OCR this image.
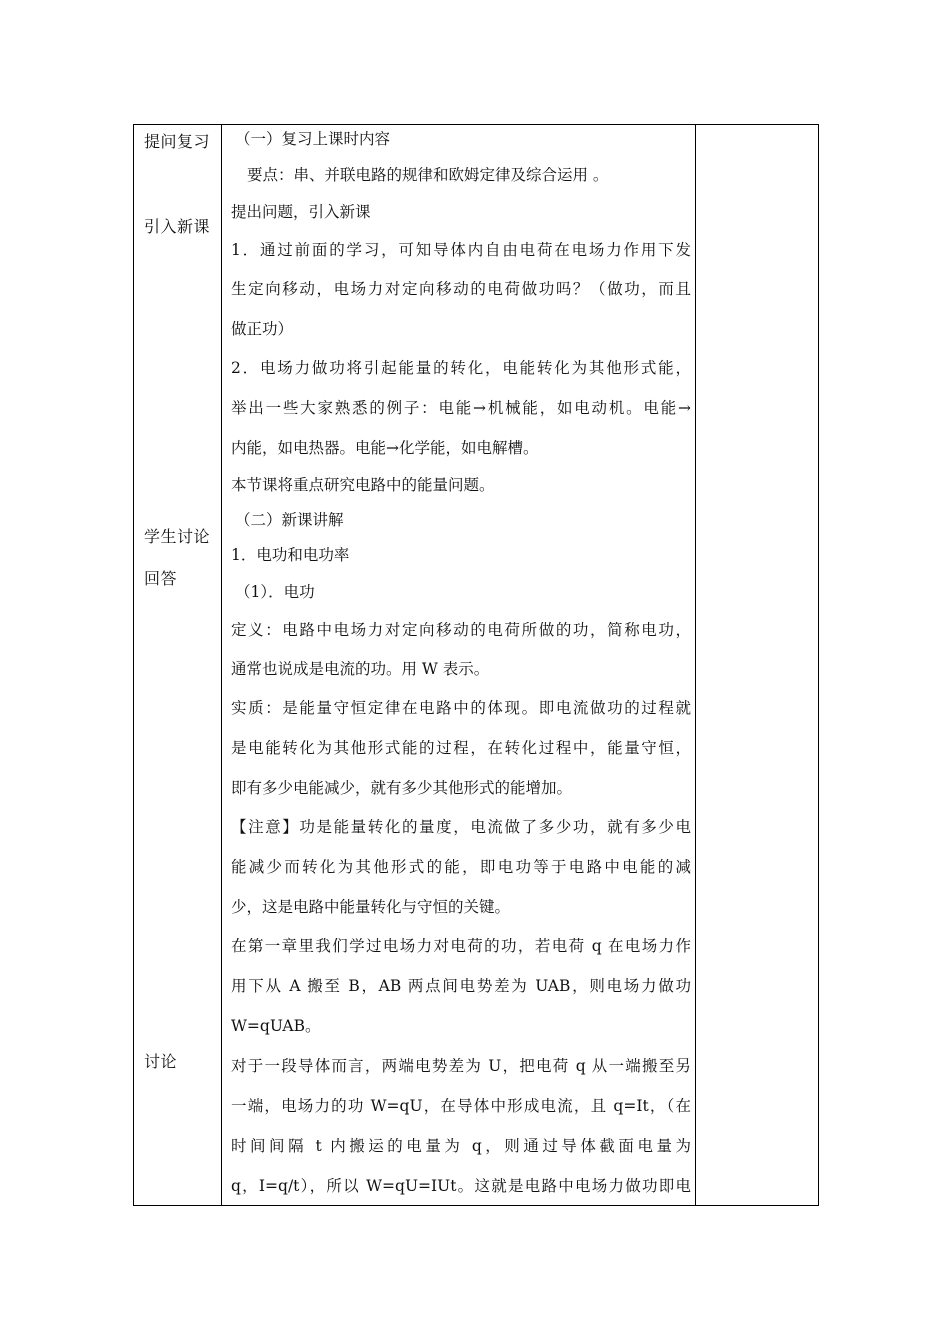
提问复习
引入新课
学生讨论
回答
讨论
（一）复习上课时内容
要点：串、并联电路的规律和欧姆定律及综合运用 。
提出问题，引入新课
1．通过前面的学习，可知导体内自由电荷在电场力作用下发
生定向移动，电场力对定向移动的电荷做功吗？（做功，而且
做正功）
2．电场力做功将引起能量的转化，电能转化为其他形式能，
举出一些大家熟悉的例子：电能→机械能，如电动机。电能→
内能，如电热器。电能→化学能，如电解槽。
本节课将重点研究电路中的能量问题。
（二）新课讲解
1．电功和电功率
（1）．电功
定义：电路中电场力对定向移动的电荷所做的功，简称电功，
通常也说成是电流的功。用 W 表示。
实质：是能量守恒定律在电路中的体现。即电流做功的过程就
是电能转化为其他形式能的过程，在转化过程中，能量守恒，
即有多少电能减少，就有多少其他形式的能增加。
【注意】功是能量转化的量度，电流做了多少功，就有多少电
能减少而转化为其他形式的能，即电功等于电路中电能的减
少，这是电路中能量转化与守恒的关键。
在第一章里我们学过电场力对电荷的功，若电荷 q 在电场力作
用下从 A 搬至 B，AB 两点间电势差为 UAB，则电场力做功
W=qUAB。
对于一段导体而言，两端电势差为 U，把电荷 q 从一端搬至另
一端，电场力的功 W=qU，在导体中形成电流，且 q=It，（在
时间间隔 t 内搬运的电量为 q，则通过导体截面电量为
q，I=q/t），所以 W=qU=IUt。这就是电路中电场力做功即电
